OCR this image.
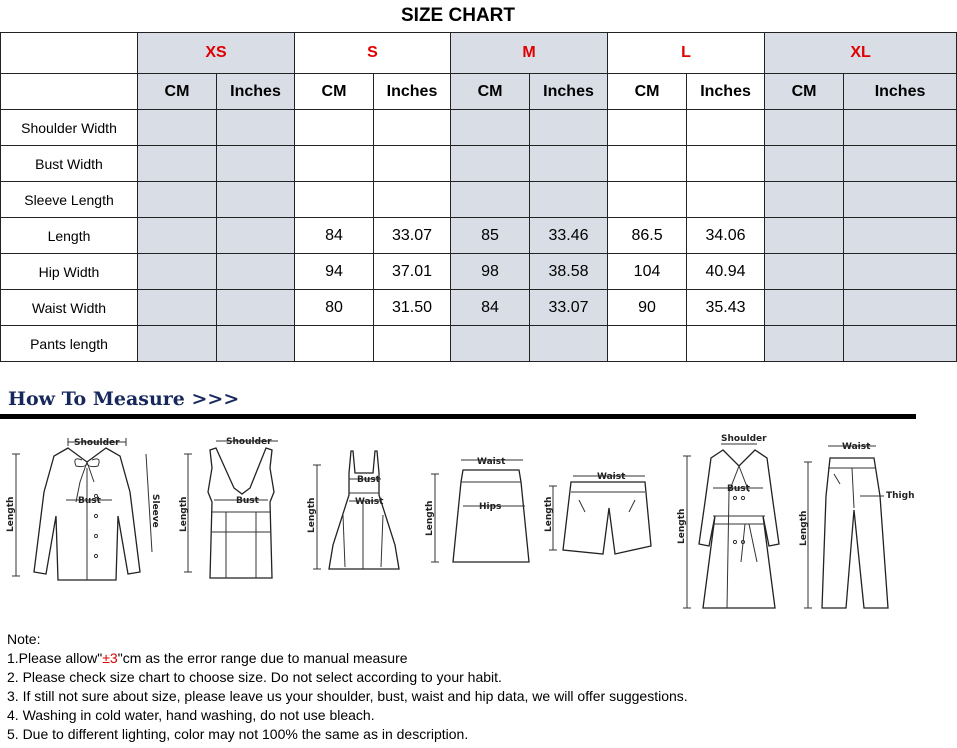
SIZE CHART
	XS		S		M		L		XL	
	CM	Inches	CM	Inches	CM	Inches	CM	Inches	CM	Inches
Shoulder Width										
Bust Width										
Sleeve Length										
Length			84	33.07	85	33.46	86.5	34.06		
Hip Width			94	37.01	98	38.58	104	40.94		
Waist Width			80	31.50	84	33.07	90	35.43		
Pants length										
How To Measure >>>
Shoulder
Bust
Length	Sleeve
Shoulder
Bust
Length
Bust
Waist
Length
Waist
Hips
Length
Waist
Length
Shoulder
Bust
Length
Waist
Thigh
Length
Note:
1.Please allow"±3"cm as the error range due to manual measure
2. Please check size chart to choose size. Do not select according to your habit.
3. If still not sure about size, please leave us your shoulder, bust, waist and hip data, we will offer suggestions.
4. Washing in cold water, hand washing, do not use bleach.
5. Due to different lighting, color may not 100% the same as in description.
